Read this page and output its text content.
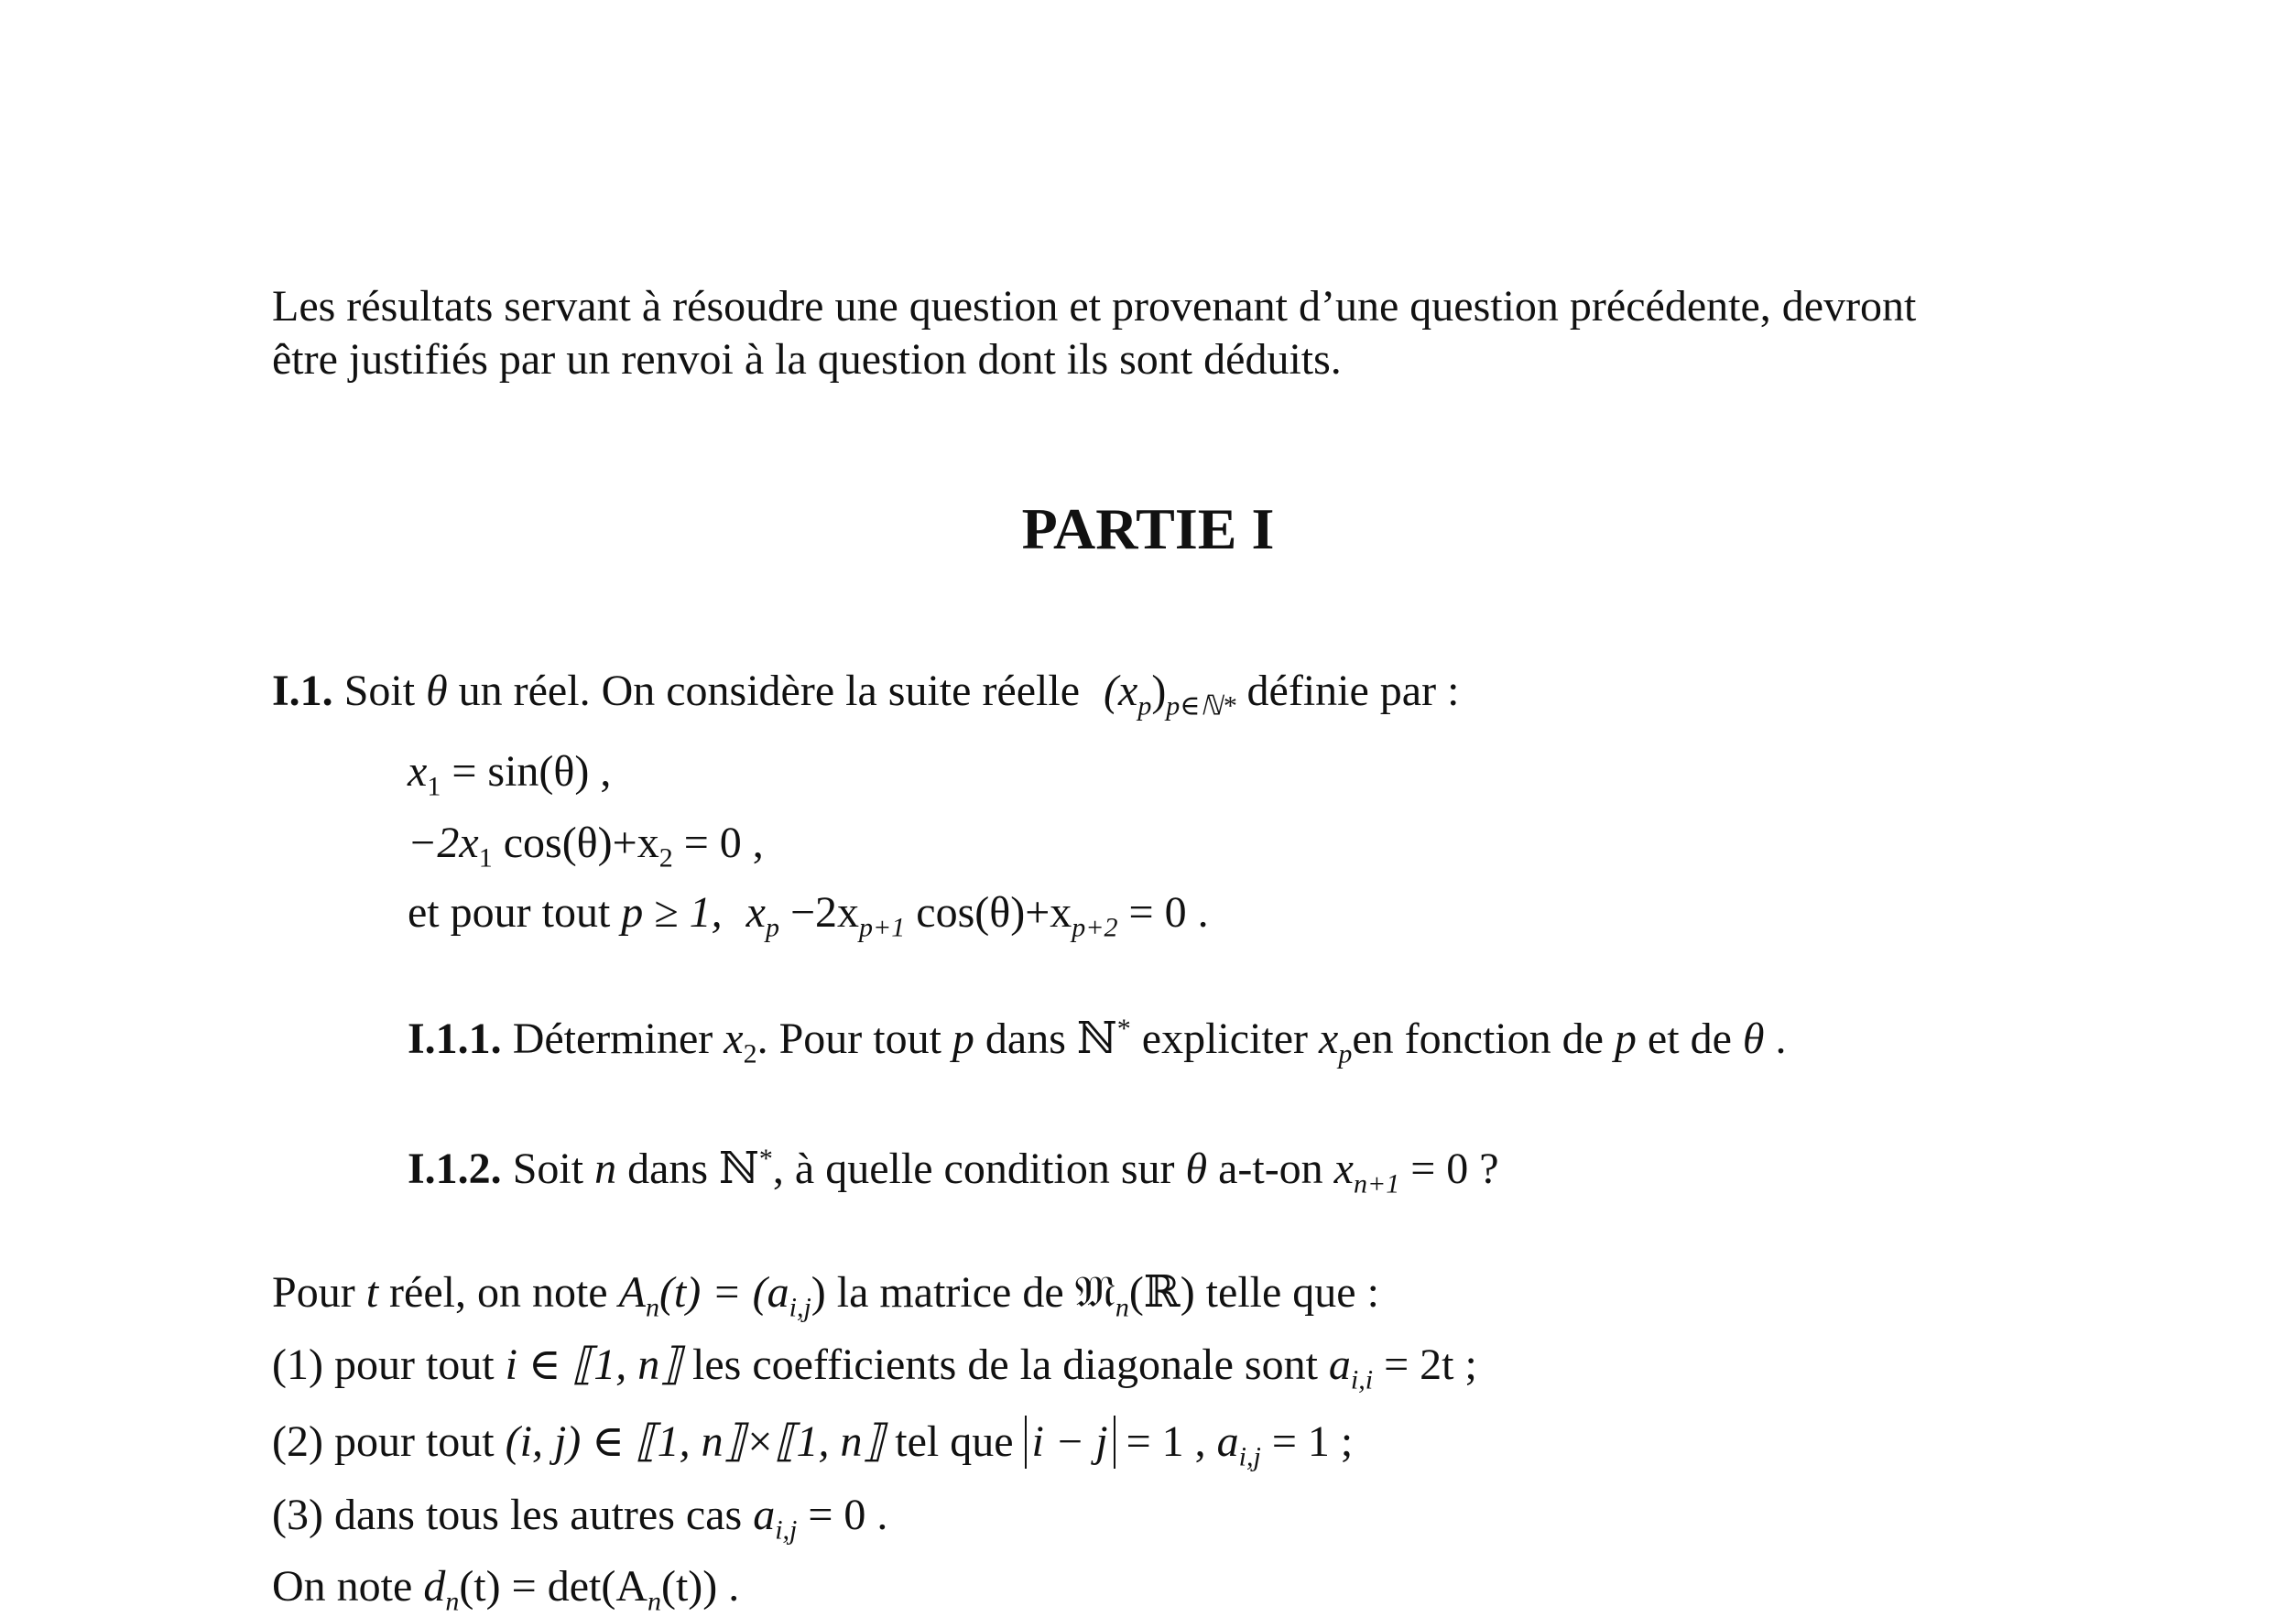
Les résultats servant à résoudre une question et provenant d’une question précédente, devront
être justifiés par un renvoi à la question dont ils sont déduits.
PARTIE I
I.1. Soit θ un réel. On considère la suite réelle $(x_p)_{p\in ℕ*}$ définie par :
$x_1 = \sin(\theta)$ ,
$-2x_1$ $\cos(\theta)+x_2 = 0$ ,
et pour tout p ≥ 1, $x_p -2x_{p+1}$ $\cos(\theta)+x_{p+2} = 0$ .
I.1.1. Déterminer $x_2$. Pour tout p dans ℕ* expliciter $x_pen$ fonction de p et de θ .
I.1.2. Soit n dans ℕ*, à quelle condition sur θ a-t-on $x_{n+1} = 0$ ?
Pour t réel, on note $A_n(t) = (a_{i,j})$ la matrice de 𝔐$_n$(ℝ) telle que :
(1) pour tout i ∈ ⟦1, n⟧ les coefficients de la diagonale sont $a_{i,i} = 2t$ ;
(2) pour tout (i, j) ∈ ⟦1, n⟧×⟦1, n⟧ tel que i − j = 1 , $a_{i,j} = 1$ ;
(3) dans tous les autres cas $a_{i,j} = 0$ .
On note $d_n(t) = \det(A_n(t))$ .
